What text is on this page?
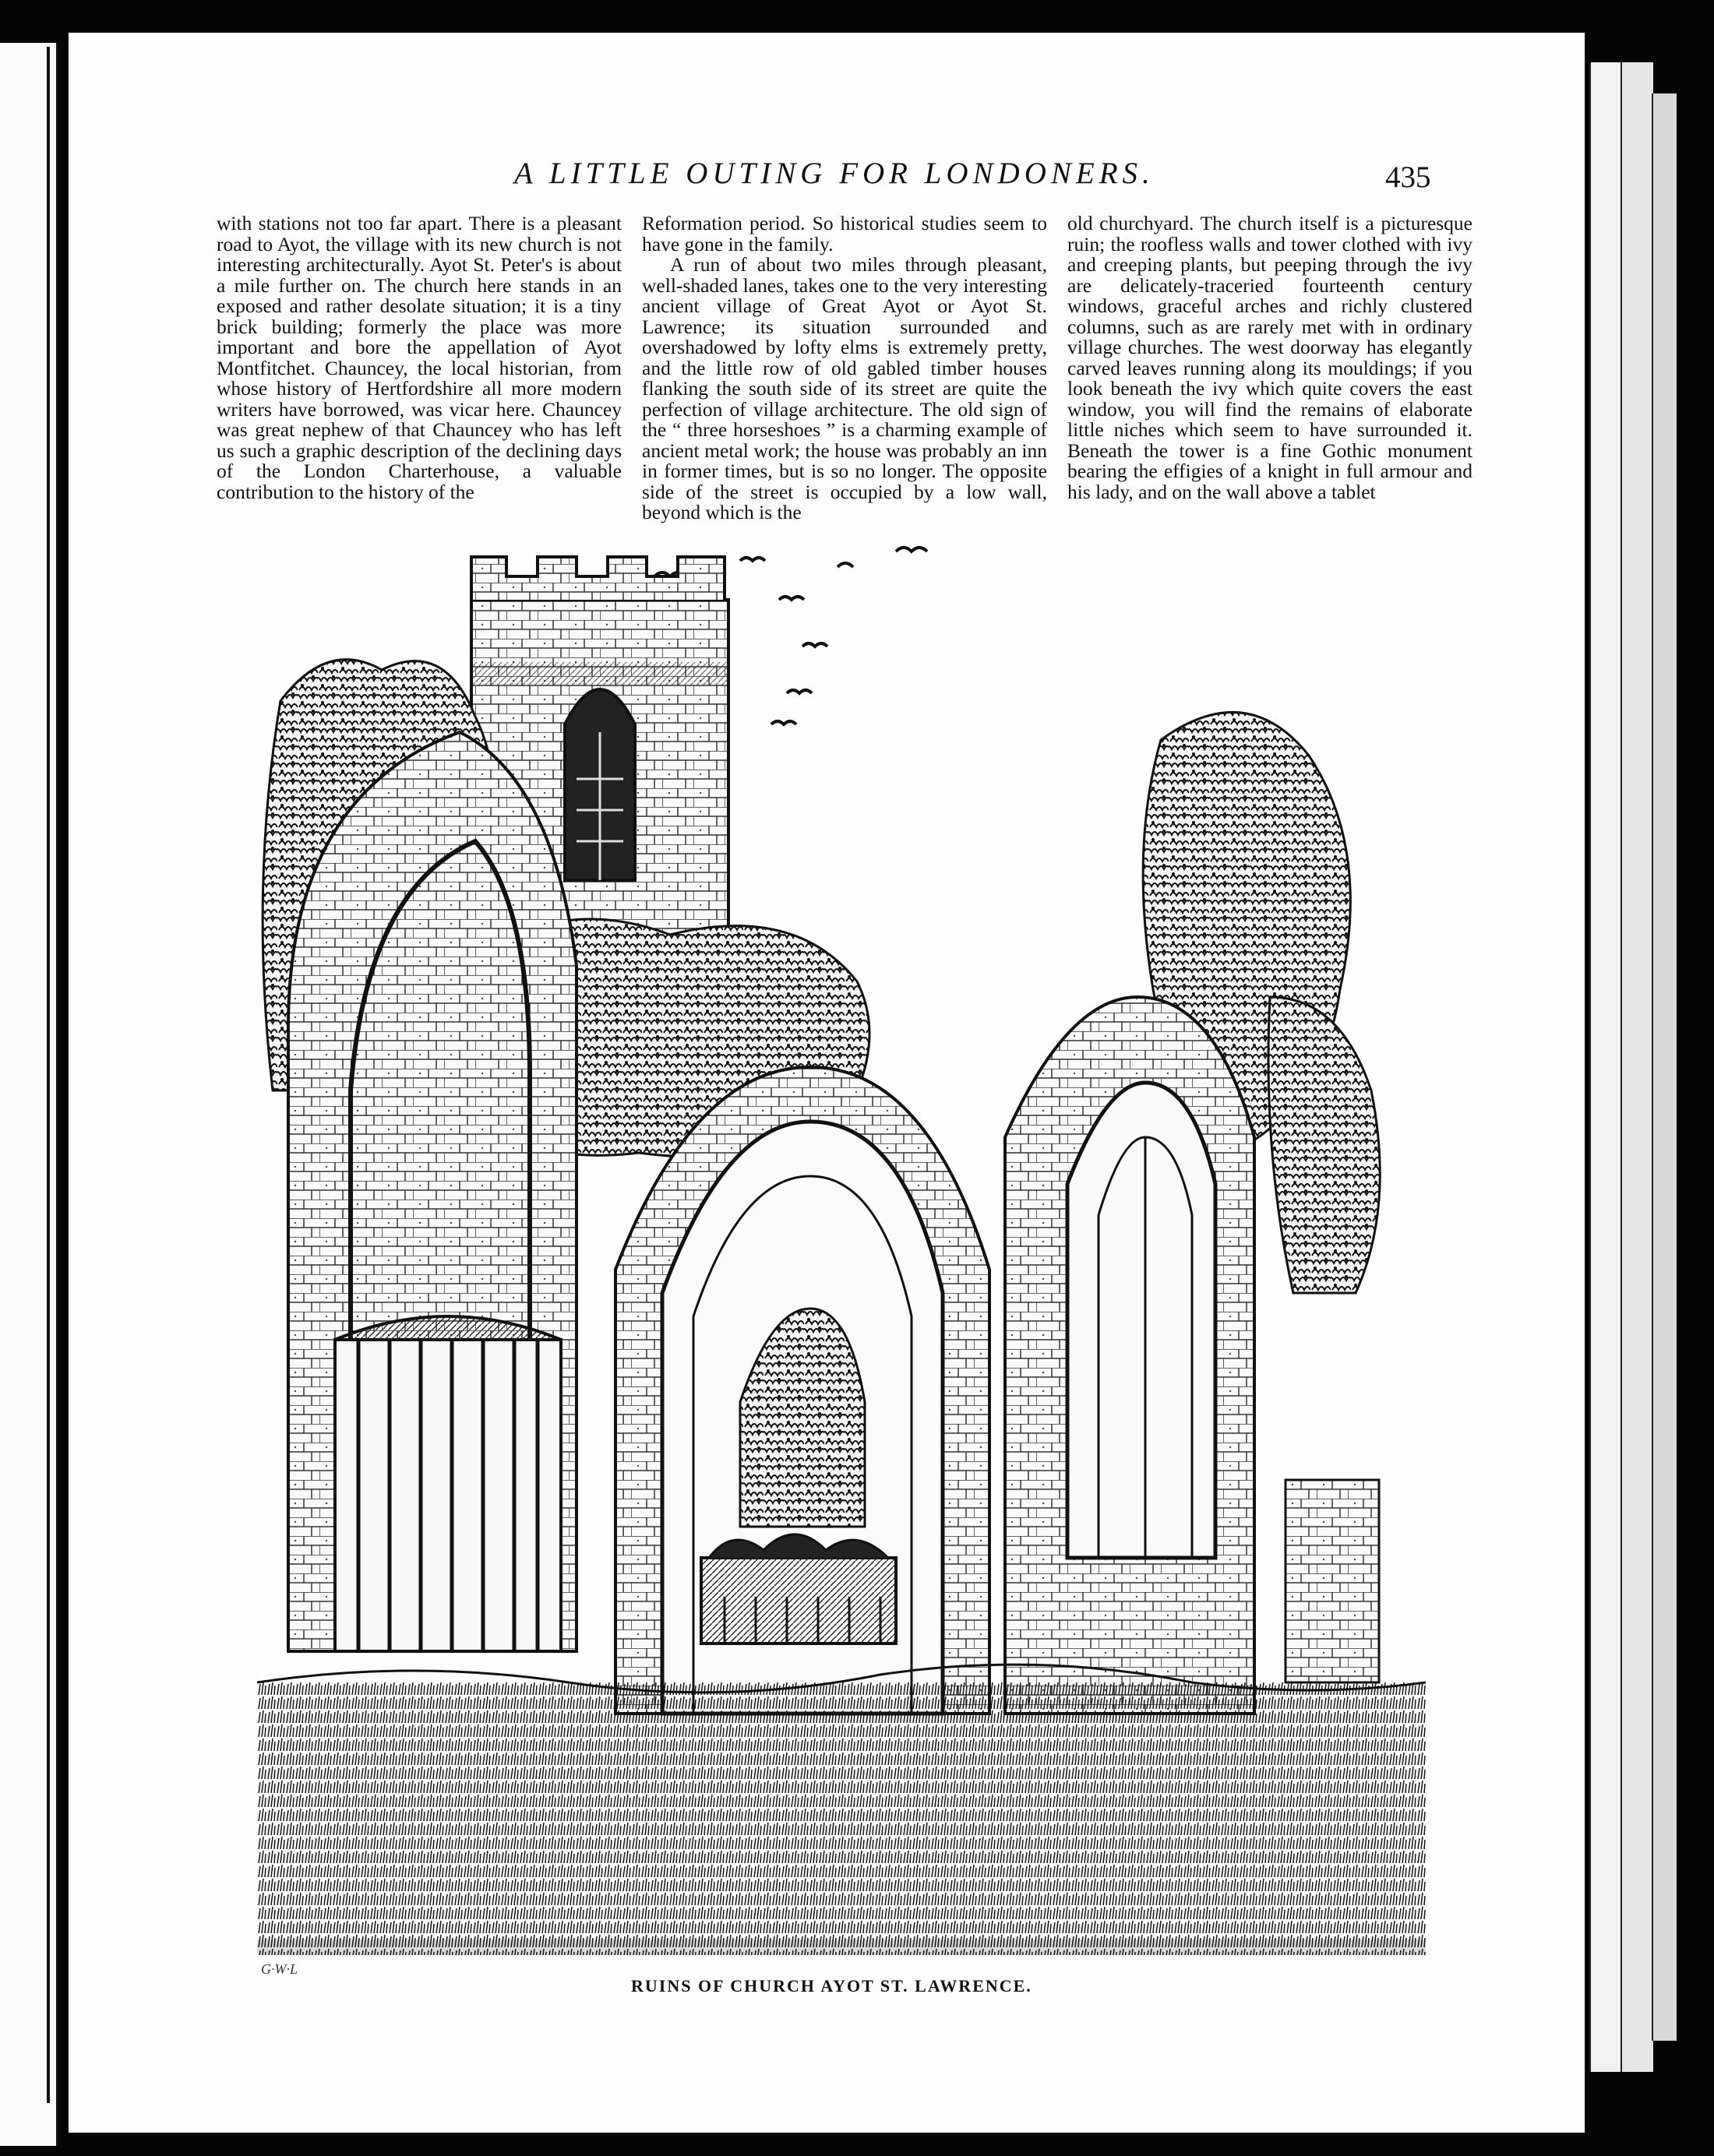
A LITTLE OUTING FOR LONDONERS.	435

with stations not too far apart. There is a pleasant road to Ayot, the village with its new church is not interesting architecturally. Ayot St. Peter's is about a mile further on. The church here stands in an exposed and rather desolate situation; it is a tiny brick building; formerly the place was more important and bore the appellation of Ayot Montfitchet. Chauncey, the local historian, from whose history of Hertfordshire all more modern writers have borrowed, was vicar here. Chauncey was great nephew of that Chauncey who has left us such a graphic description of the declining days of the London Charterhouse, a valuable contribution to the history of the

Reformation period. So historical studies seem to have gone in the family.

A run of about two miles through pleasant, well-shaded lanes, takes one to the very interesting ancient village of Great Ayot or Ayot St. Lawrence; its situation surrounded and overshadowed by lofty elms is extremely pretty, and the little row of old gabled timber houses flanking the south side of its street are quite the perfection of village architecture. The old sign of the “ three horseshoes ” is a charming example of ancient metal work; the house was probably an inn in former times, but is so no longer. The opposite side of the street is occupied by a low wall, beyond which is the

old churchyard. The church itself is a picturesque ruin; the roofless walls and tower clothed with ivy and creeping plants, but peeping through the ivy are delicately-traceried fourteenth century windows, graceful arches and richly clustered columns, such as are rarely met with in ordinary village churches. The west doorway has elegantly carved leaves running along its mouldings; if you look beneath the ivy which quite covers the east window, you will find the remains of elaborate little niches which seem to have surrounded it. Beneath the tower is a fine Gothic monument bearing the effigies of a knight in full armour and his lady, and on the wall above a tablet

G·W·L
RUINS OF CHURCH AYOT ST. LAWRENCE.
